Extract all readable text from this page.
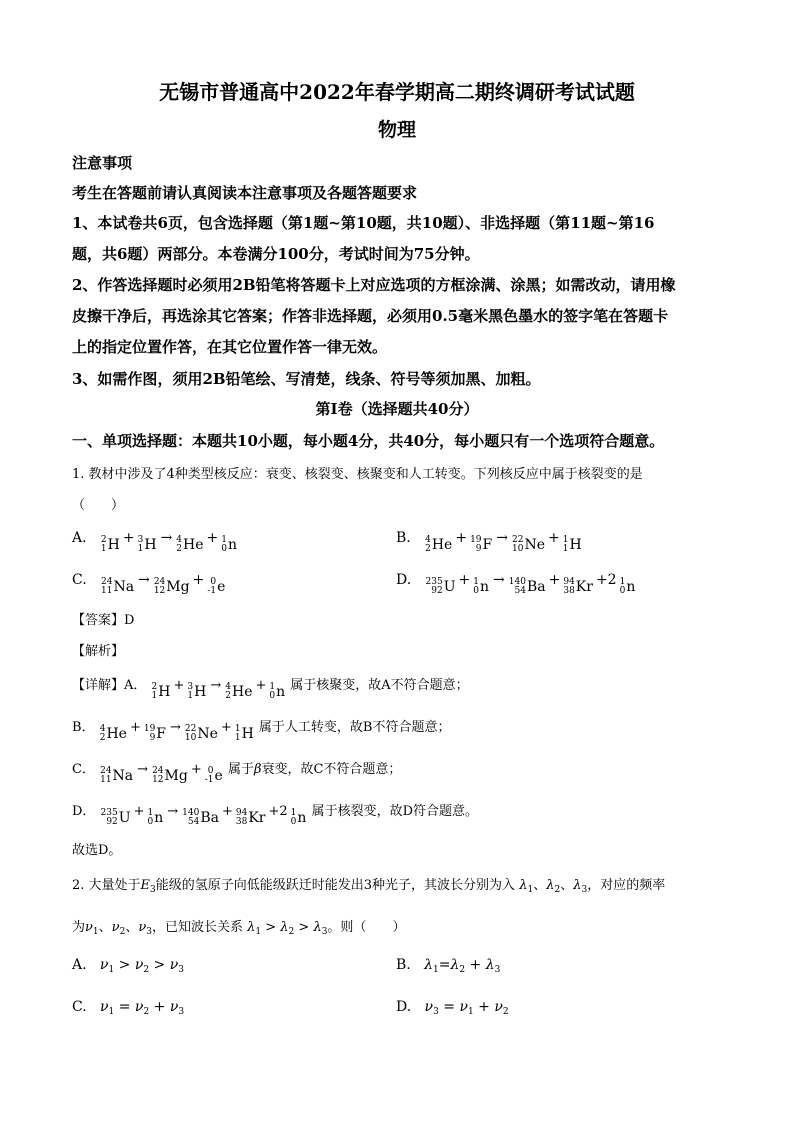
无锡市普通高中2022年春学期高二期终调研考试试题
物理
注意事项
考生在答题前请认真阅读本注意事项及各题答题要求
1、本试卷共6页，包含选择题（第1题~第10题，共10题）、非选择题（第11题~第16
题，共6题）两部分。本卷满分100分，考试时间为75分钟。
2、作答选择题时必须用2B铅笔将答题卡上对应选项的方框涂满、涂黑；如需改动，请用橡
皮擦干净后，再选涂其它答案；作答非选择题，必须用0.5毫米黑色墨水的签字笔在答题卡
上的指定位置作答，在其它位置作答一律无效。
3、如需作图，须用2B铅笔绘、写清楚，线条、符号等须加黑、加粗。
第I卷（选择题共40分）
一、单项选择题：本题共10小题，每小题4分，共40分，每小题只有一个选项符合题意。
1. 教材中涉及了4种类型核反应：衰变、核裂变、核聚变和人工转变。下列核反应中属于核裂变的是
（ ）
A. 2
1 H + 3
1 H → 4
2 He + 1
0 n	B. 4
2 He + 19
9 F → 22
10 Ne + 1
1 H
C. 24
11 Na → 24
12 Mg + 0
-1 e	D. 235
92 U + 1
0 n → 140
54 Ba + 94
38 Kr +2 1
0 n
【答案】D
【解析】
【详解】A． 2
1 H + 3
1 H → 4
2 He + 1
0 n 属于核聚变，故A不符合题意；
B． 4
2 He + 19
9 F → 22
10 Ne + 1
1 H 属于人工转变，故B不符合题意；
C． 24
11 Na → 24
12 Mg + 0
-1 e 属于β衰变，故C不符合题意；
D． 235
92 U + 1
0 n → 140
54 Ba + 94
38 Kr +2 1
0 n 属于核裂变，故D符合题意。
故选D。
2. 大量处于$E_3$能级的氢原子向低能级跃迁时能发出3种光子，其波长分别为入 $\lambda_1$、$\lambda_2$、$\lambda_3$，对应的频率
为$\nu_1$、$\nu_2$、$\nu_3$，已知波长关系 $\lambda_1 > \lambda_2 > \lambda_3$。则（ ）
A. $\nu_1 > \nu_2 > \nu_3$	B. $\lambda_1=\lambda_2 + \lambda_3$
C. $\nu_1 = \nu_2 + \nu_3$	D. $\nu_3 = \nu_1 + \nu_2$
